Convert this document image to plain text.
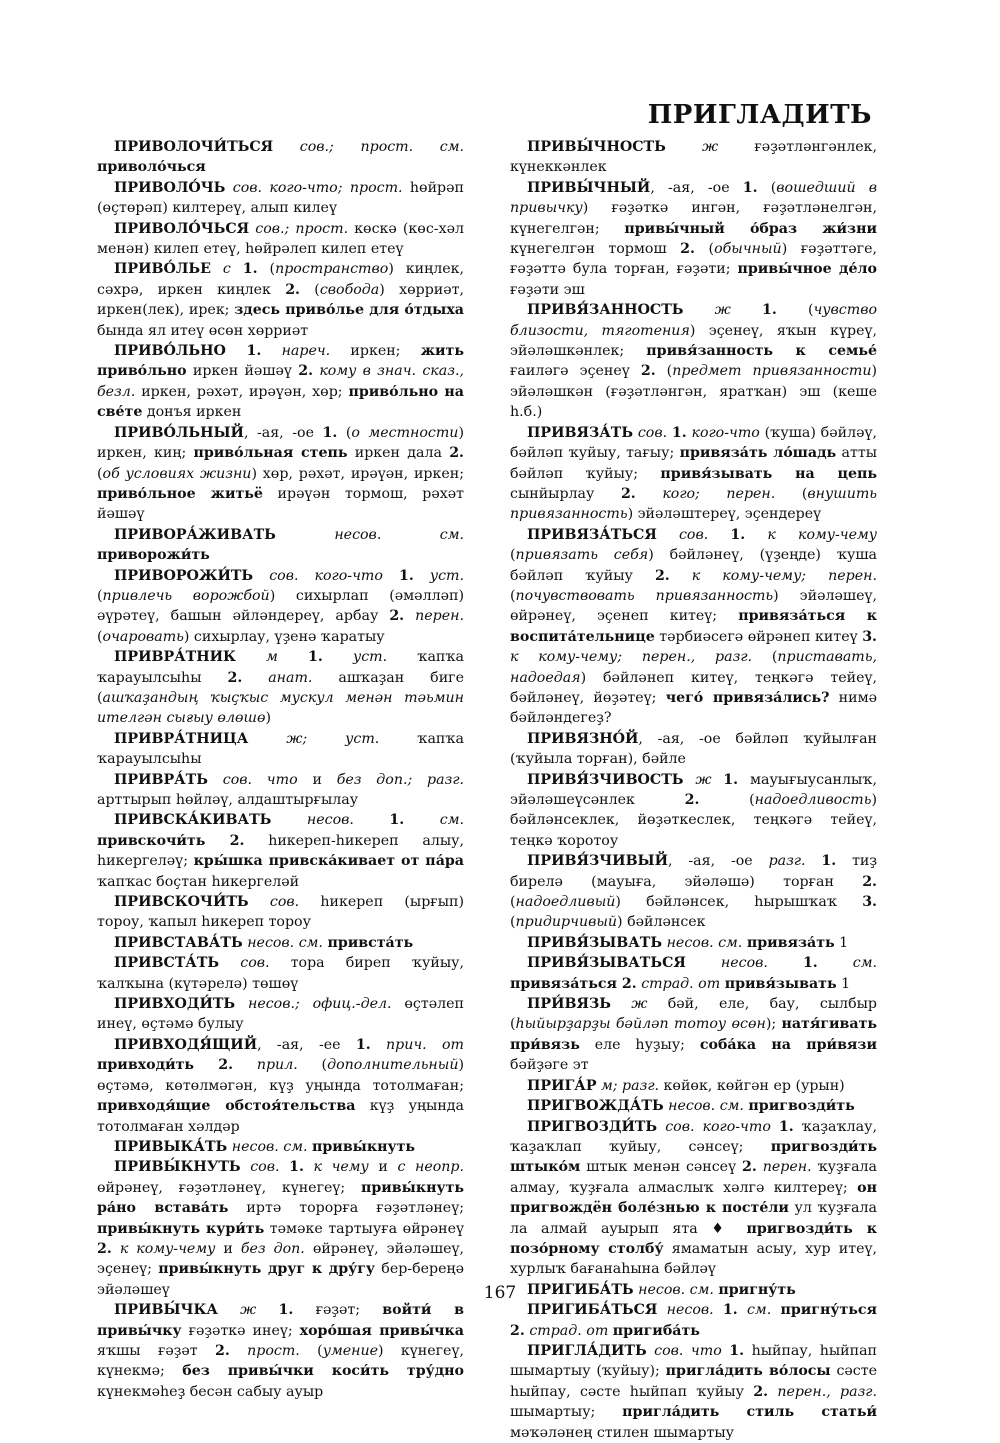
ПРИГЛАДИТЬ

ПРИВОЛОЧИ́ТЬСЯ сов.; прост. см. приволо́чься

ПРИВОЛО́ЧЬ сов. кого-что; прост. һөйрәп (өҫтөрәп) килтереү, алып килеү

ПРИВОЛО́ЧЬСЯ сов.; прост. көскә (көс-хәл менән) килеп етеү, һөйрәлеп килеп етеү

ПРИВО́ЛЬЕ с 1. (пространство) киңлек, сәхрә, иркен киңлек 2. (свобода) хөрриәт, иркен(лек), ирек; здесь приво́лье для о́тдыха бында ял итеү өсөн хөрриәт

ПРИВО́ЛЬНО 1. нареч. иркен; жить приво́льно иркен йәшәү 2. кому в знач. сказ., безл. иркен, рәхәт, ирәүән, хөр; приво́льно на све́те донъя иркен

ПРИВО́ЛЬНЫЙ, -ая, -ое 1. (о местности) иркен, киң; приво́льная степь иркен дала 2. (об условиях жизни) хөр, рәхәт, ирәүән, иркен; приво́льное житьё ирәүән тормош, рәхәт йәшәү

ПРИВОРА́ЖИВАТЬ несов. см. приворожи́ть

ПРИВОРОЖИ́ТЬ сов. кого-что 1. уст. (привлечь ворожбой) сихырлап (әмәлләп) әүрәтеү, башын әйләндереү, арбау 2. перен. (очаровать) сихырлау, үҙенә ҡаратыу

ПРИВРА́ТНИК м 1. уст. ҡапҡа ҡарауылсыһы 2. анат. ашҡаҙан биге (ашҡаҙандың ҡыҫҡыс мускул менән тәьмин ителгән сығыу өлөшө)

ПРИВРА́ТНИЦА ж; уст. ҡапҡа ҡарауылсыһы

ПРИВРА́ТЬ сов. что и без доп.; разг. арттырып һөйләү, алдаштырғылау

ПРИВСКА́КИВАТЬ несов. 1. см. привскочи́ть 2. һикереп-һикереп алыу, һикергеләү; кры́шка привска́кивает от па́ра ҡапҡас боҫтан һикергеләй

ПРИВСКОЧИ́ТЬ сов. һикереп (ырғып) тороу, ҡапыл һикереп тороу

ПРИВСТАВА́ТЬ несов. см. привста́ть

ПРИВСТА́ТЬ сов. тора биреп ҡуйыу, ҡалҡына (күтәрелә) төшөү

ПРИВХОДИ́ТЬ несов.; офиц.-дел. өҫтәлеп инеү, өҫтәмә булыу

ПРИВХОДЯ́ЩИЙ, -ая, -ее 1. прич. от привходи́ть 2. прил. (дополнительный) өҫтәмә, көтөлмәгән, күҙ уңында тотолмаған; привходя́щие обстоя́тельства күҙ уңында тотолмаған хәлдәр

ПРИВЫКА́ТЬ несов. см. привы́кнуть

ПРИВЫ́КНУТЬ сов. 1. к чему и с неопр. өйрәнеү, ғәҙәтләнеү, күнегеү; привы́кнуть ра́но встава́ть иртә торорға ғәҙәтләнеү; привы́кнуть кури́ть тәмәке тартыуға өйрәнеү 2. к кому-чему и без доп. өйрәнеү, эйәләшеү, эҫенеү; привы́кнуть друг к дру́гу бер-береңә эйәләшеү

ПРИВЫ́ЧКА ж 1. ғәҙәт; войти́ в привы́чку ғәҙәткә инеү; хоро́шая привы́чка яҡшы ғәҙәт 2. прост. (умение) күнегеү, күнекмә; без привы́чки коси́ть тру́дно күнекмәһеҙ бесән сабыу ауыр

ПРИВЫ́ЧНОСТЬ ж ғәҙәтләнгәнлек, күнеккәнлек

ПРИВЫ́ЧНЫЙ, -ая, -ое 1. (вошедший в привычку) ғәҙәткә ингән, ғәҙәтләнелгән, күнегелгән; привы́чный о́браз жи́зни күнегелгән тормош 2. (обычный) ғәҙәттәге, ғәҙәттә була торған, ғәҙәти; привы́чное де́ло ғәҙәти эш

ПРИВЯ́ЗАННОСТЬ ж 1. (чувство близости, тяготения) эҫенеү, яҡын күреү, эйәләшкәнлек; привя́занность к семье́ ғаиләгә эҫенеү 2. (предмет привязанности) эйәләшкән (ғәҙәтләнгән, яратҡан) эш (кеше һ.б.)

ПРИВЯЗА́ТЬ сов. 1. кого-что (ҡуша) бәйләү, бәйләп ҡуйыу, тағыу; привяза́ть ло́шадь атты бәйләп ҡуйыу; привя́зывать на цепь сынйырлау 2. кого; перен. (внушить привязанность) эйәләштереү, эҫендереү

ПРИВЯЗА́ТЬСЯ сов. 1. к кому-чему (привязать себя) бәйләнеү, (үҙеңде) ҡуша бәйләп ҡуйыу 2. к кому-чему; перен. (почувствовать привязанность) эйәләшеү, өйрәнеү, эҫенеп китеү; привяза́ться к воспита́тельнице тәрбиәсегә өйрәнеп китеү 3. к кому-чему; перен., разг. (приставать, надоедая) бәйләнеп китеү, теңкәгә тейеү, бәйләнеү, йөҙәтеү; чего́ привяза́лись? нимә бәйләндегеҙ?

ПРИВЯЗНО́Й, -ая, -ое бәйләп ҡуйылған (ҡуйыла торған), бәйле

ПРИВЯ́ЗЧИВОСТЬ ж 1. мауығыусанлыҡ, эйәләшеүсәнлек 2. (надоедливость) бәйләнсеклек, йөҙәткеслек, теңкәгә тейеү, теңкә ҡоротоу

ПРИВЯ́ЗЧИВЫЙ, -ая, -ое разг. 1. тиҙ бирелә (мауыға, эйәләшә) торған 2. (надоедливый) бәйләнсек, һырышҡаҡ 3. (придирчивый) бәйләнсек

ПРИВЯ́ЗЫВАТЬ несов. см. привяза́ть 1

ПРИВЯ́ЗЫВАТЬСЯ несов. 1. см. привяза́ться 2. страд. от привя́зывать 1

ПРИ́ВЯЗЬ ж бәй, еле, бау, сылбыр (һыйырҙарҙы бәйләп тотоу өсөн); натя́гивать при́вязь еле һуҙыу; соба́ка на при́вязи бәйҙәге эт

ПРИГА́Р м; разг. көйөк, көйгән ер (урын)

ПРИГВОЖДА́ТЬ несов. см. пригвозди́ть

ПРИГВОЗДИ́ТЬ сов. кого-что 1. ҡаҙаҡлау, ҡаҙаҡлап ҡуйыу, сәнсеү; пригвозди́ть штыко́м штык менән сәнсеү 2. перен. ҡуҙғала алмау, ҡуҙғала алмаслыҡ хәлгә килтереү; он пригвождён боле́знью к посте́ли ул ҡуҙғала ла алмай ауырып ята ♦ пригвозди́ть к позо́рному столбу́ ямаматын асыу, хур итеү, хурлыҡ бағанаһына бәйләү

ПРИГИБА́ТЬ несов. см. пригну́ть

ПРИГИБА́ТЬСЯ несов. 1. см. пригну́ться 2. страд. от пригиба́ть

ПРИГЛА́ДИТЬ сов. что 1. һыйпау, һыйпап шымартыу (ҡуйыу); пригла́дить во́лосы сәсте һыйпау, сәсте һыйпап ҡуйыу 2. перен., разг. шымартыу; пригла́дить стиль статьи́ мәҡәләнең стилен шымартыу

167
